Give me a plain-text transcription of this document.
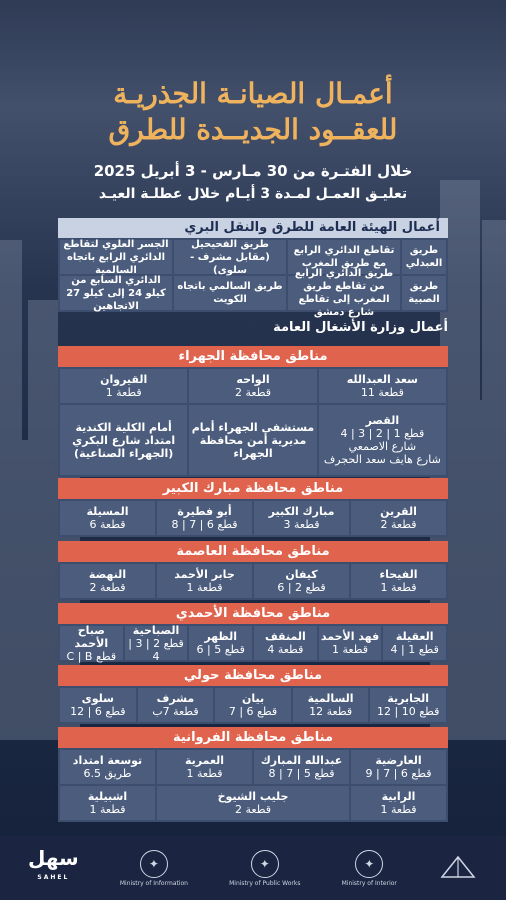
أعمـال الصيانـة الجذريـة
للعقــود الجديــدة للطرق
خلال الفتـرة من 30 مـارس - 3 أبريل 2025
تعليـق العمـل لمـدة 3 أيـام خلال عطلـة العيـد
أعمال الهيئة العامة للطرق والنقل البري
طريق العبدلي
تقاطع الدائري الرابع مع طريق المغرب
طريق الفحيحيل (مقابل مشرف - سلوى)
الجسر العلوي لتقاطع الدائري الرابع باتجاه السالمية
طريق الصبية
طريق الدائري الرابع من تقاطع طريق المغرب إلى تقاطع شارع دمشق
طريق السالمي باتجاه الكويت
الدائري السابع من كيلو 24 إلى كيلو 27 الاتجاهين
أعمال وزارة الأشغال العامة
مناطق محافظة الجهراء
سعد العبدالله
قطعة 11
الواحه
قطعة 2
القيروان
قطعة 1
القصر
قطع 1 | 2 | 3 | 4
شارع الاصمعي
شارع هايف سعد الحجرف
مستشفى الجهراء أمام مديرية أمن محافظة الجهراء
أمام الكلية الكندية امتداد شارع البكري (الجهراء الصناعية)
مناطق محافظة مبارك الكبير
القرين
قطعة 2
مبارك الكبير
قطعة 3
أبو فطيرة
قطع 6 | 7 | 8
المسيلة
قطعة 6
مناطق محافظة العاصمة
الفيحاء
قطعة 1
كيفان
قطع 2 | 6
جابر الأحمد
قطعة 1
النهضة
قطعة 2
مناطق محافظة الأحمدي
العقيلة
قطع 1 | 4
فهد الأحمد
قطعة 1
المنقف
قطعة 4
الظهر
قطع 5 | 6
الصباحية
قطع 2 | 3 | 4
صباح الأحمد
قطع C | B
مناطق محافظة حولي
الجابرية
قطع 10 | 12
السالمية
قطعة 12
بيان
قطع 6 | 7
مشرف
قطعة 7ب
سلوى
قطع 6 | 12
مناطق محافظة الفروانية
العارضية
قطع 6 | 7 | 9
عبدالله المبارك
قطع 5 | 7 | 8
العمرية
قطعة 1
توسعة امتداد
طريق 6.5
الرابية
قطعة 1
جليب الشيوخ
قطعة 2
اشبيلية
قطعة 1
سهل
SAHEL
✦
Ministry of Information
✦
Ministry of Public Works
✦
Ministry of Interior
